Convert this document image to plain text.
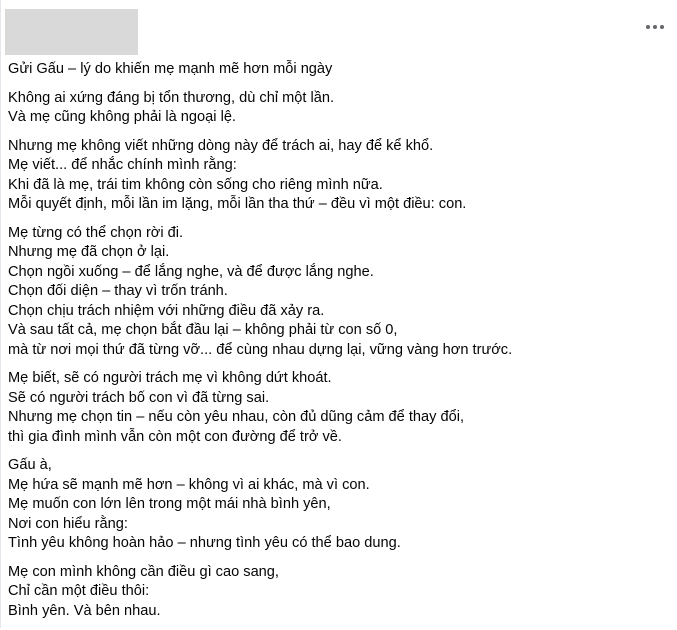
Gửi Gấu – lý do khiến mẹ mạnh mẽ hơn mỗi ngày

Không ai xứng đáng bị tổn thương, dù chỉ một lần.
Và mẹ cũng không phải là ngoại lệ.

Nhưng mẹ không viết những dòng này để trách ai, hay để kể khổ.
Mẹ viết... để nhắc chính mình rằng:
Khi đã là mẹ, trái tim không còn sống cho riêng mình nữa.
Mỗi quyết định, mỗi lần im lặng, mỗi lần tha thứ – đều vì một điều: con.

Mẹ từng có thể chọn rời đi.
Nhưng mẹ đã chọn ở lại.
Chọn ngồi xuống – để lắng nghe, và để được lắng nghe.
Chọn đối diện – thay vì trốn tránh.
Chọn chịu trách nhiệm với những điều đã xảy ra.
Và sau tất cả, mẹ chọn bắt đầu lại – không phải từ con số 0,
mà từ nơi mọi thứ đã từng vỡ... để cùng nhau dựng lại, vững vàng hơn trước.

Mẹ biết, sẽ có người trách mẹ vì không dứt khoát.
Sẽ có người trách bố con vì đã từng sai.
Nhưng mẹ chọn tin – nếu còn yêu nhau, còn đủ dũng cảm để thay đổi,
thì gia đình mình vẫn còn một con đường để trở về.

Gấu à,
Mẹ hứa sẽ mạnh mẽ hơn – không vì ai khác, mà vì con.
Mẹ muốn con lớn lên trong một mái nhà bình yên,
Nơi con hiểu rằng:
Tình yêu không hoàn hảo – nhưng tình yêu có thể bao dung.

Mẹ con mình không cần điều gì cao sang,
Chỉ cần một điều thôi:
Bình yên. Và bên nhau.
